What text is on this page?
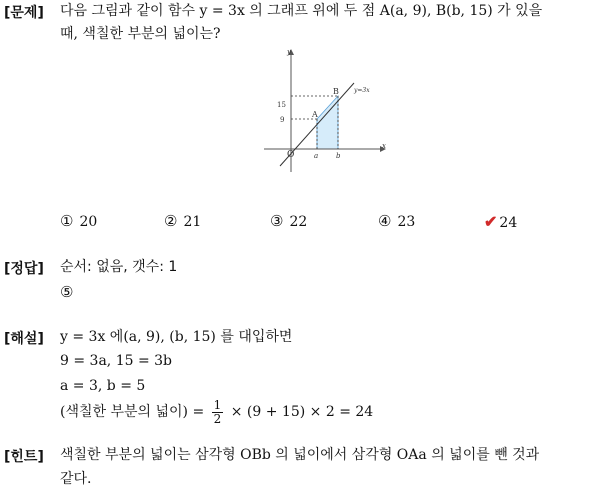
[문제] 다음 그림과 같이 함수 y = 3x 의 그래프 위에 두 점 A(a, 9), B(b, 15) 가 있을
때, 색칠한 부분의 넓이는?
y
x
O
15
9
a	b
A
B	y=3x
① 20	② 21	③ 22	④ 23	✔ 24
[정답] 순서: 없음, 갯수: 1
⑤
[해설] y = 3x 에(a, 9), (b, 15) 를 대입하면
9 = 3a, 15 = 3b
a = 3, b = 5
(색칠한 부분의 넓이) = $\frac{1}{2} \times (9 + 15) \times 2 = 24$
[힌트] 색칠한 부분의 넓이는 삼각형 OBb 의 넓이에서 삼각형 OAa 의 넓이를 뺀 것과
같다.
